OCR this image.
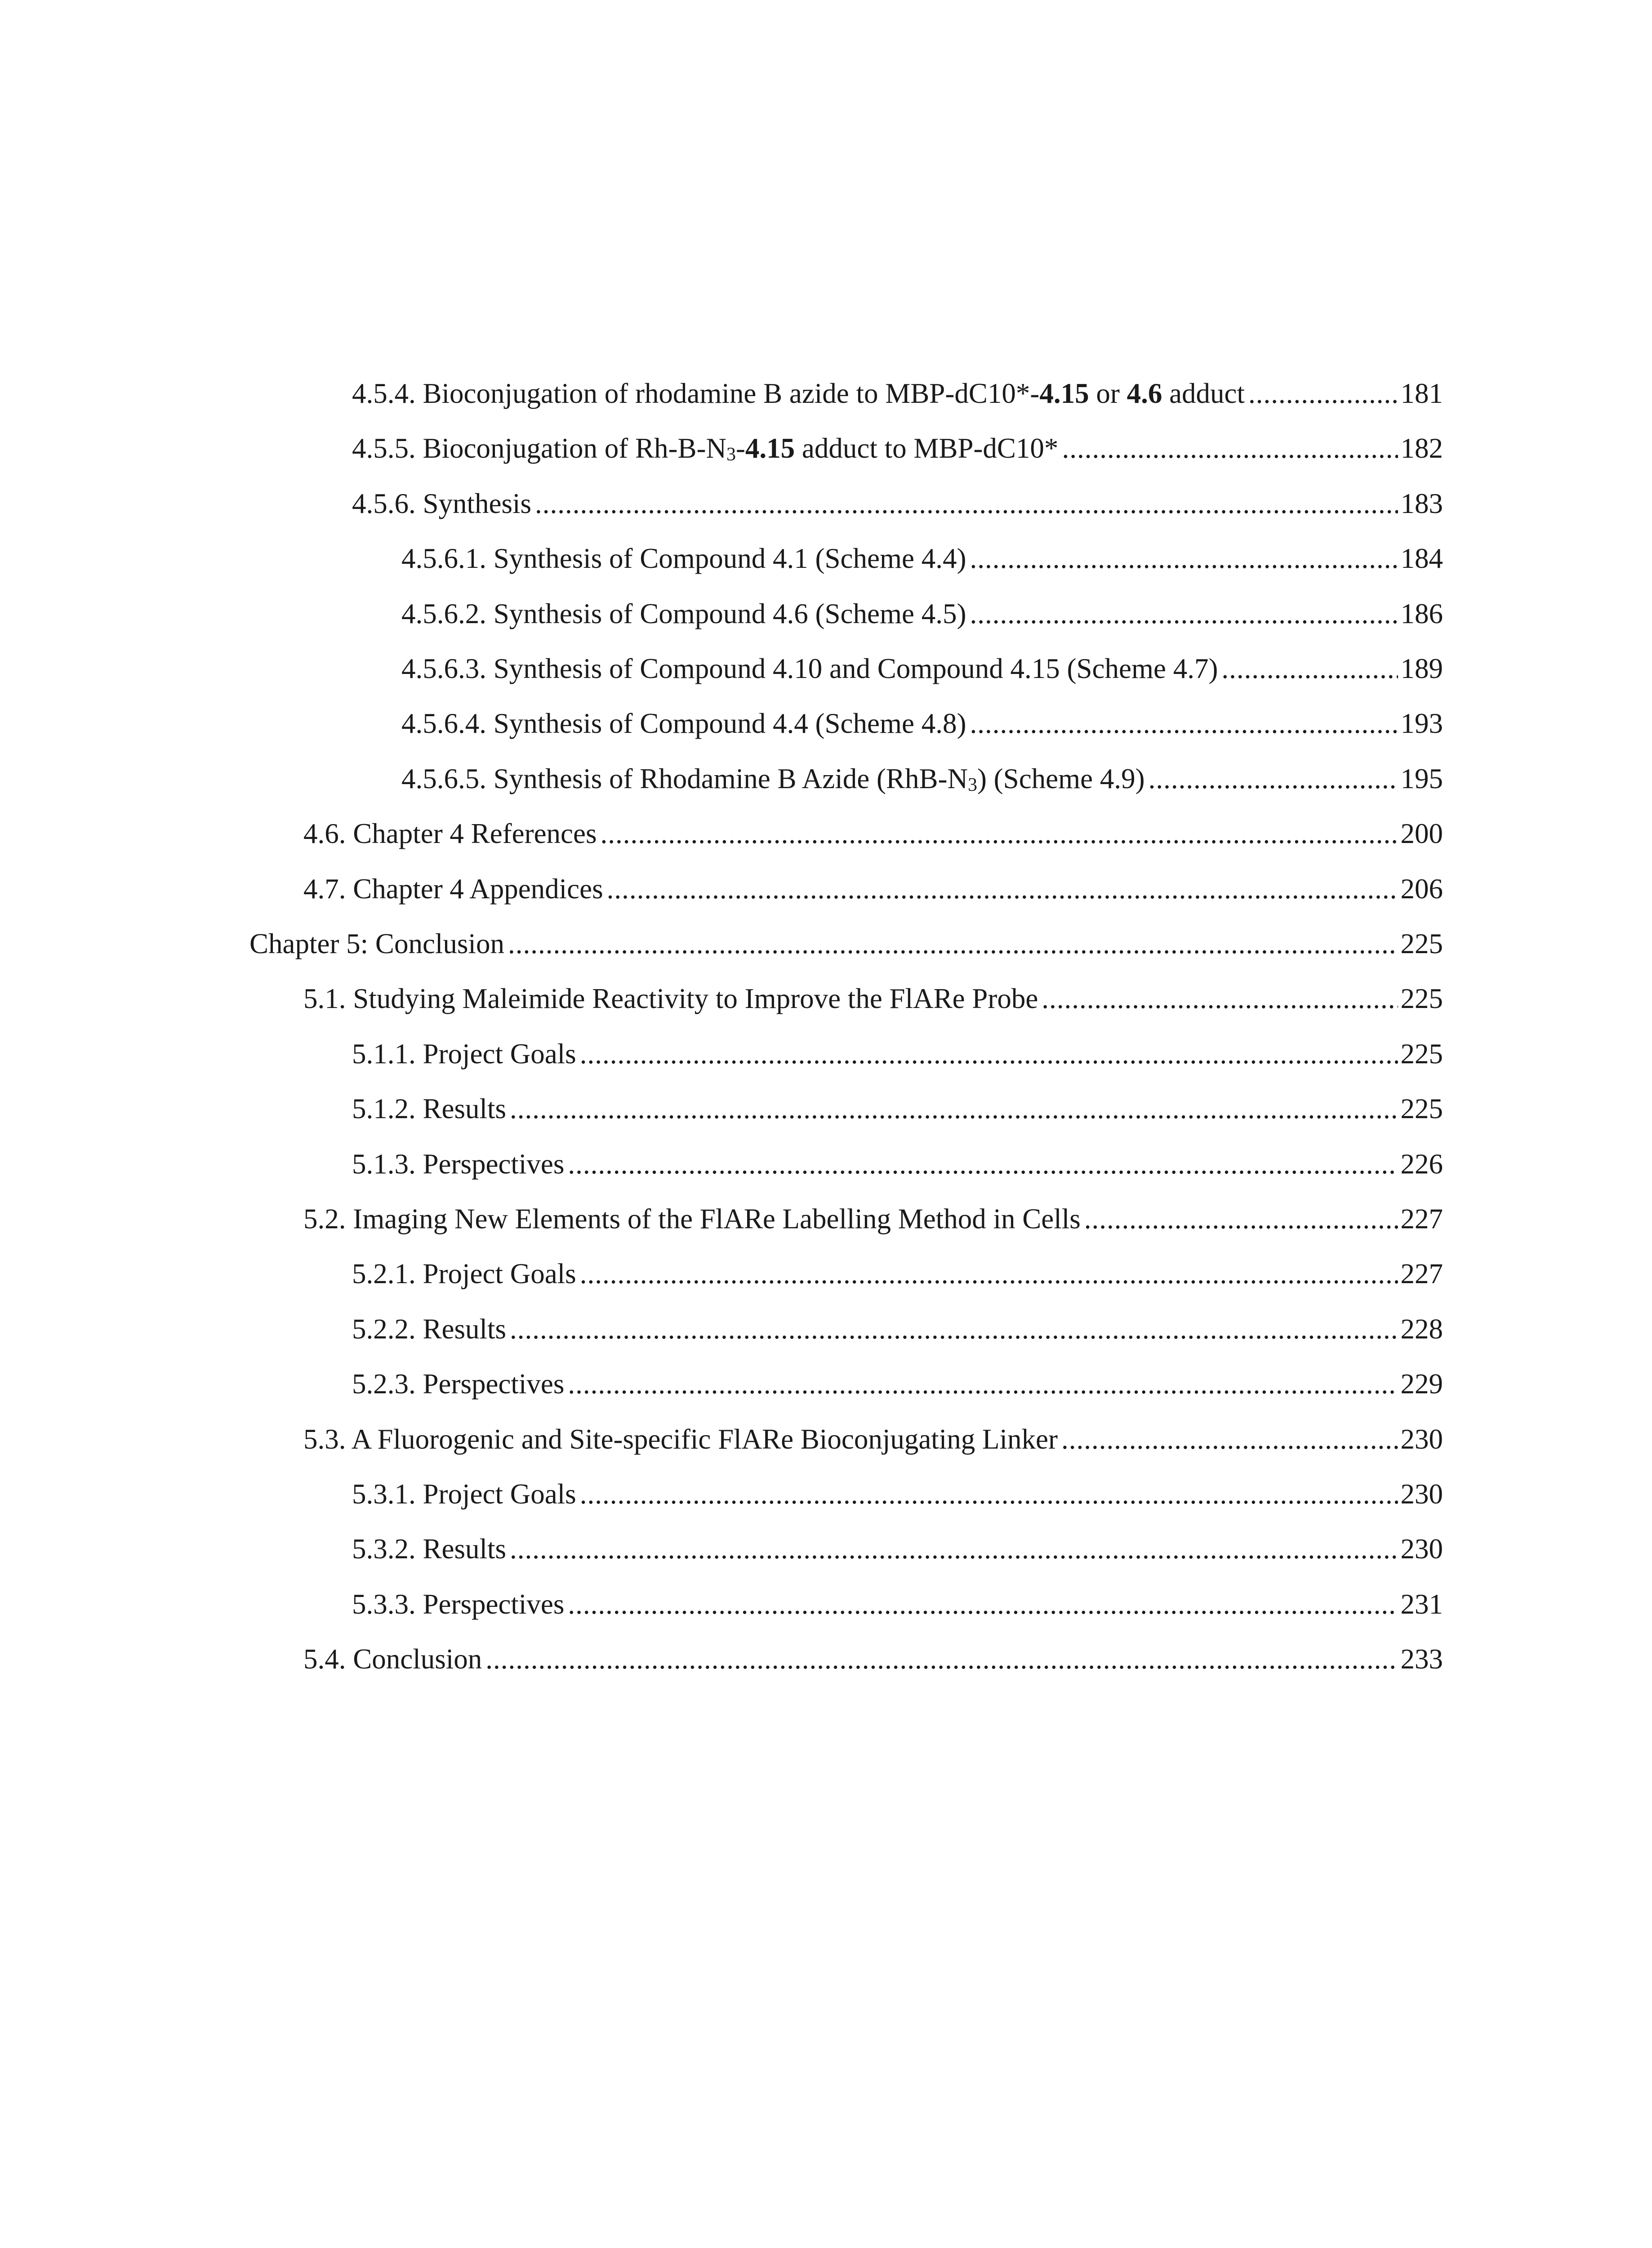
4.5.4. Bioconjugation of rhodamine B azide to MBP-dC10*-4.15 or 4.6 adduct .....	181
4.5.5. Bioconjugation of $Rh-B-N_3-4.15$ adduct to MBP-dC10* .....	182
4.5.6. Synthesis .....	183
4.5.6.1. Synthesis of Compound 4.1 (Scheme 4.4) .....	184
4.5.6.2. Synthesis of Compound 4.6 (Scheme 4.5) .....	186
4.5.6.3. Synthesis of Compound 4.10 and Compound 4.15 (Scheme 4.7) .....	189
4.5.6.4. Synthesis of Compound 4.4 (Scheme 4.8) .....	193
4.5.6.5. Synthesis of Rhodamine B Azide $(RhB-N_3)$ (Scheme 4.9) .....	195
4.6. Chapter 4 References .....	200
4.7. Chapter 4 Appendices .....	206
Chapter 5: Conclusion .....	225
5.1. Studying Maleimide Reactivity to Improve the FlARe Probe .....	225
5.1.1. Project Goals .....	225
5.1.2. Results .....	225
5.1.3. Perspectives .....	226
5.2. Imaging New Elements of the FlARe Labelling Method in Cells .....	227
5.2.1. Project Goals .....	227
5.2.2. Results .....	228
5.2.3. Perspectives .....	229
5.3. A Fluorogenic and Site-specific FlARe Bioconjugating Linker .....	230
5.3.1. Project Goals .....	230
5.3.2. Results .....	230
5.3.3. Perspectives .....	231
5.4. Conclusion .....	233
